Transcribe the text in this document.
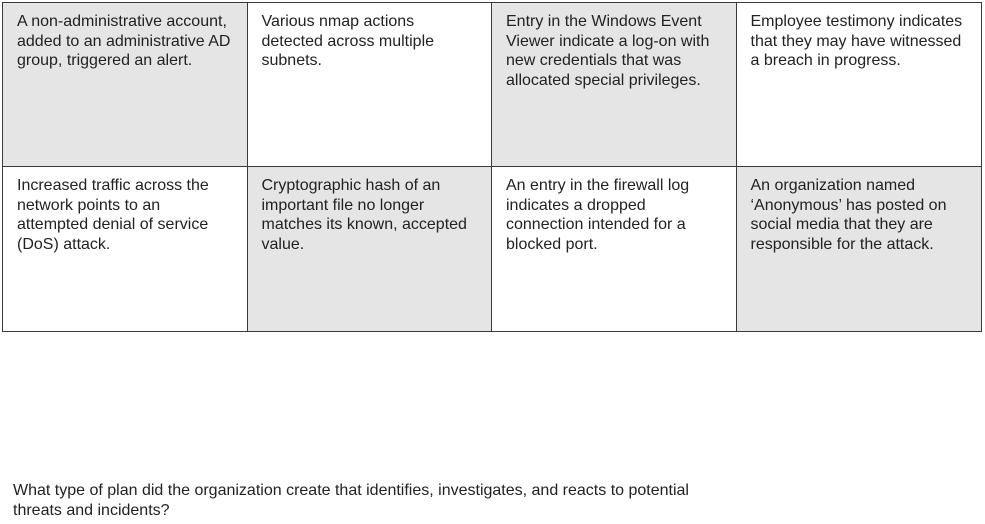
A non-administrative account, added to an administrative AD group, triggered an alert.
Various nmap actions detected across multiple subnets.
Entry in the Windows Event Viewer indicate a log-on with new credentials that was allocated special privileges.
Employee testimony indicates that they may have witnessed a breach in progress.
Increased traffic across the network points to an attempted denial of service (DoS) attack.
Cryptographic hash of an important file no longer matches its known, accepted value.
An entry in the firewall log indicates a dropped connection intended for a blocked port.
An organization named ‘Anonymous’ has posted on social media that they are responsible for the attack.
What type of plan did the organization create that identifies, investigates, and reacts to potential threats and incidents?
